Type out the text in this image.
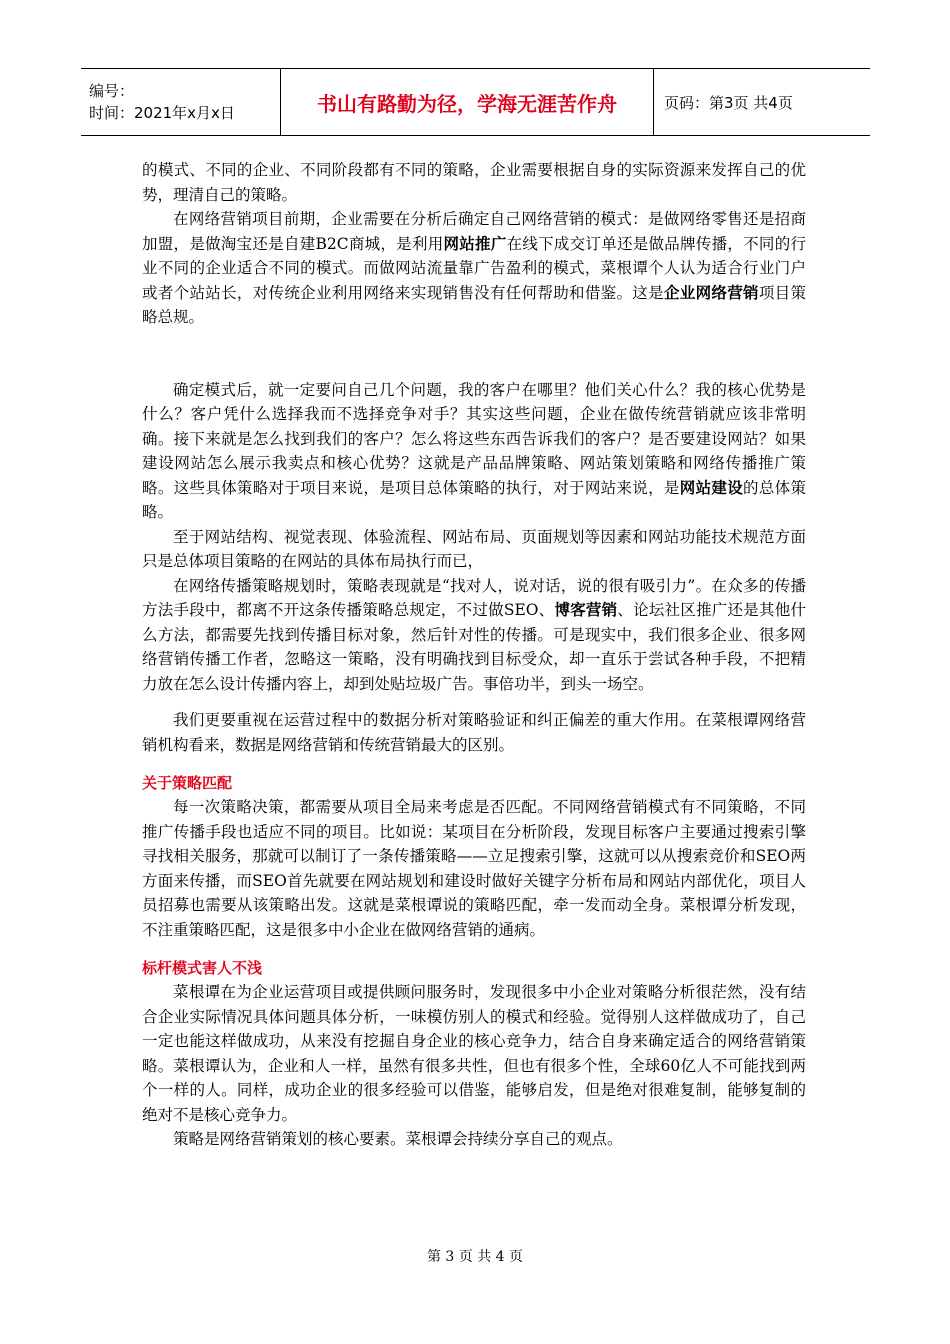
编号：
时间：2021年x月x日	书山有路勤为径，学海无涯苦作舟	页码：第3页 共4页

的模式、不同的企业、不同阶段都有不同的策略，企业需要根据自身的实际资源来发挥自己的优势，理清自己的策略。

在网络营销项目前期，企业需要在分析后确定自己网络营销的模式：是做网络零售还是招商加盟，是做淘宝还是自建B2C商城，是利用网站推广在线下成交订单还是做品牌传播，不同的行业不同的企业适合不同的模式。而做网站流量靠广告盈利的模式，菜根谭个人认为适合行业门户或者个站站长，对传统企业利用网络来实现销售没有任何帮助和借鉴。这是企业网络营销项目策略总规。

确定模式后，就一定要问自己几个问题，我的客户在哪里？他们关心什么？我的核心优势是什么？客户凭什么选择我而不选择竞争对手？其实这些问题，企业在做传统营销就应该非常明确。接下来就是怎么找到我们的客户？怎么将这些东西告诉我们的客户？是否要建设网站？如果建设网站怎么展示我卖点和核心优势？这就是产品品牌策略、网站策划策略和网络传播推广策略。这些具体策略对于项目来说，是项目总体策略的执行，对于网站来说，是网站建设的总体策略。

至于网站结构、视觉表现、体验流程、网站布局、页面规划等因素和网站功能技术规范方面只是总体项目策略的在网站的具体布局执行而已，

在网络传播策略规划时，策略表现就是“找对人，说对话，说的很有吸引力”。在众多的传播方法手段中，都离不开这条传播策略总规定，不过做SEO、博客营销、论坛社区推广还是其他什么方法，都需要先找到传播目标对象，然后针对性的传播。可是现实中，我们很多企业、很多网络营销传播工作者，忽略这一策略，没有明确找到目标受众，却一直乐于尝试各种手段，不把精力放在怎么设计传播内容上，却到处贴垃圾广告。事倍功半，到头一场空。

我们更要重视在运营过程中的数据分析对策略验证和纠正偏差的重大作用。在菜根谭网络营销机构看来，数据是网络营销和传统营销最大的区别。

关于策略匹配

每一次策略决策，都需要从项目全局来考虑是否匹配。不同网络营销模式有不同策略，不同推广传播手段也适应不同的项目。比如说：某项目在分析阶段，发现目标客户主要通过搜索引擎寻找相关服务，那就可以制订了一条传播策略——立足搜索引擎，这就可以从搜索竞价和SEO两方面来传播，而SEO首先就要在网站规划和建设时做好关键字分析布局和网站内部优化，项目人员招募也需要从该策略出发。这就是菜根谭说的策略匹配，牵一发而动全身。菜根谭分析发现，不注重策略匹配，这是很多中小企业在做网络营销的通病。

标杆模式害人不浅

菜根谭在为企业运营项目或提供顾问服务时，发现很多中小企业对策略分析很茫然，没有结合企业实际情况具体问题具体分析，一味模仿别人的模式和经验。觉得别人这样做成功了，自己一定也能这样做成功，从来没有挖掘自身企业的核心竞争力，结合自身来确定适合的网络营销策略。菜根谭认为，企业和人一样，虽然有很多共性，但也有很多个性，全球60亿人不可能找到两个一样的人。同样，成功企业的很多经验可以借鉴，能够启发，但是绝对很难复制，能够复制的绝对不是核心竞争力。

策略是网络营销策划的核心要素。菜根谭会持续分享自己的观点。

第 3 页 共 4 页
